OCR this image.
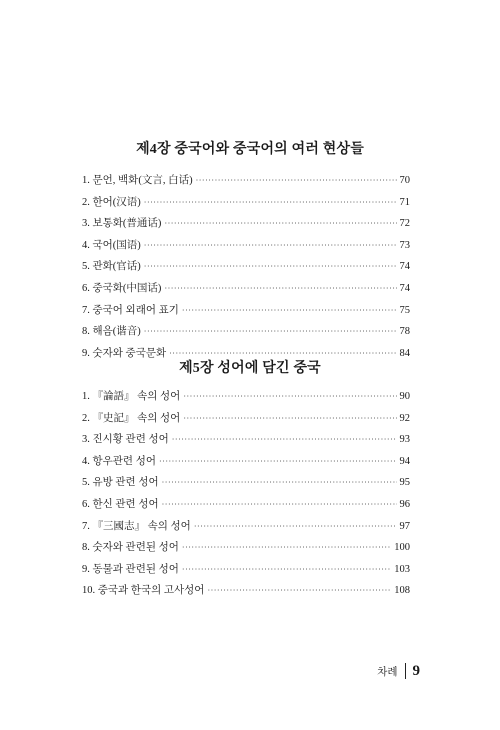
제4장 중국어와 중국어의 여러 현상들
1. 문언, 백화(文言, 白话) ·····	70
2. 한어(汉语) ·····	71
3. 보통화(普通话) ·····	72
4. 국어(国语) ·····	73
5. 관화(官话) ·····	74
6. 중국화(中国话) ·····	74
7. 중국어 외래어 표기 ·····	75
8. 해음(谐音) ·····	78
9. 숫자와 중국문화 ·····	84
제5장 성어에 담긴 중국
1. 『論語』 속의 성어 ·····	90
2. 『史記』 속의 성어 ·····	92
3. 진시황 관련 성어 ·····	93
4. 항우관련 성어 ·····	94
5. 유방 관련 성어 ·····	95
6. 한신 관련 성어 ·····	96
7. 『三國志』 속의 성어 ·····	97
8. 숫자와 관련된 성어 ·····	100
9. 동물과 관련된 성어 ·····	103
10. 중국과 한국의 고사성어 ·····	108
차례 9
